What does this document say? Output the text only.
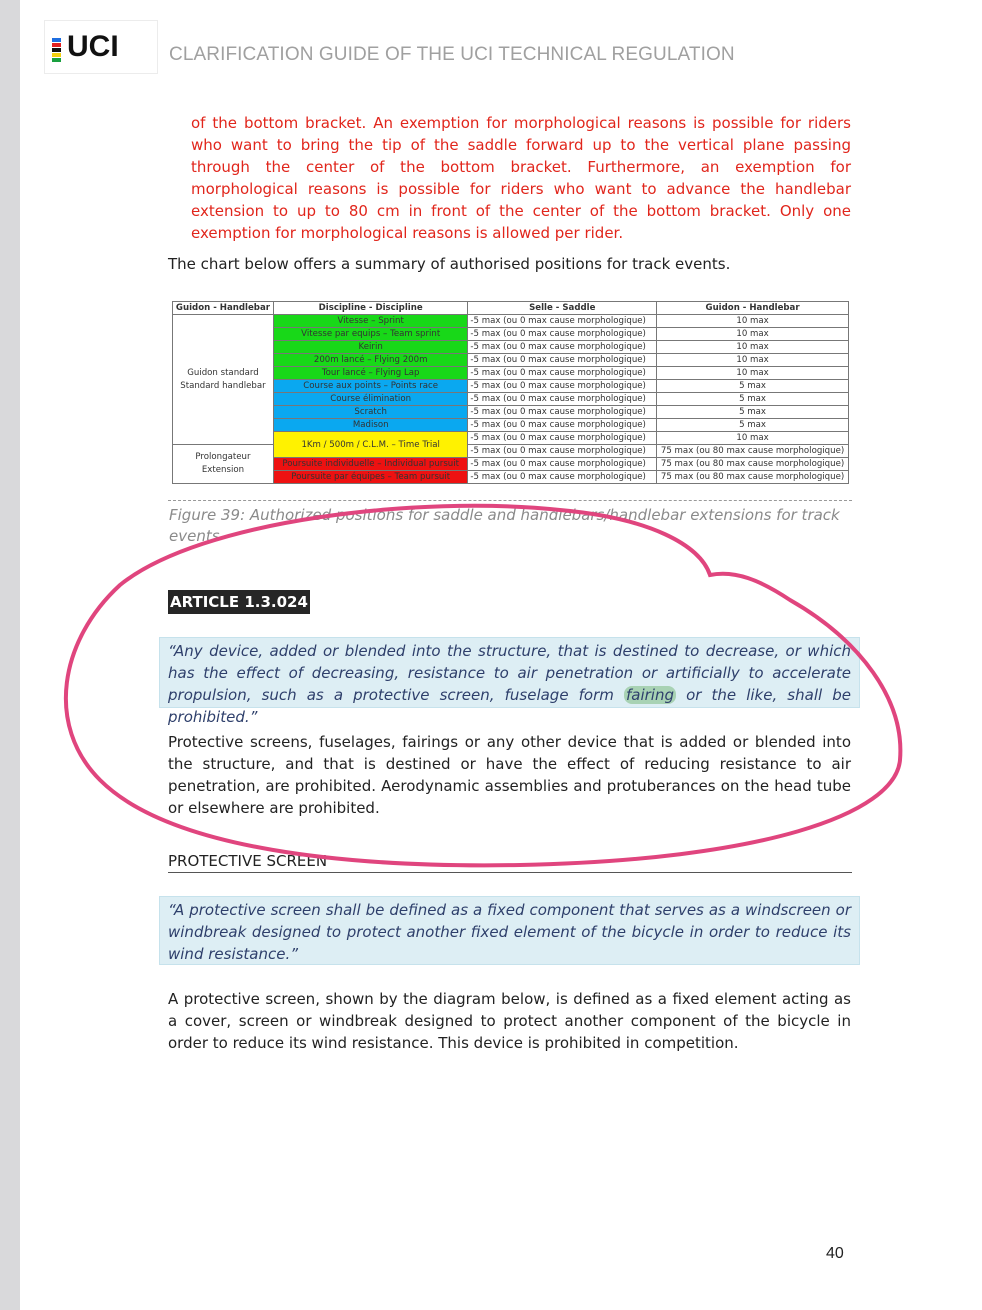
UCI	CLARIFICATION GUIDE OF THE UCI TECHNICAL REGULATION
of the bottom bracket. An exemption for morphological reasons is possible for riders who want to bring the tip of the saddle forward up to the vertical plane passing through the center of the bottom bracket. Furthermore, an exemption for morphological reasons is possible for riders who want to advance the handlebar extension to up to 80 cm in front of the center of the bottom bracket. Only one exemption for morphological reasons is allowed per rider.
The chart below offers a summary of authorised positions for track events.
Guidon - Handlebar	Discipline - Discipline	Selle - Saddle	Guidon - Handlebar
Guidon standard Standard handlebar	Vitesse – Sprint	-5 max (ou 0 max cause morphologique)	10 max
	Vitesse par equips – Team sprint	-5 max (ou 0 max cause morphologique)	10 max
	Keirin	-5 max (ou 0 max cause morphologique)	10 max
	200m lancé – Flying 200m	-5 max (ou 0 max cause morphologique)	10 max
	Tour lancé – Flying Lap	-5 max (ou 0 max cause morphologique)	10 max
	Course aux points – Points race	-5 max (ou 0 max cause morphologique)	5 max
	Course élimination	-5 max (ou 0 max cause morphologique)	5 max
	Scratch	-5 max (ou 0 max cause morphologique)	5 max
	Madison	-5 max (ou 0 max cause morphologique)	5 max
	1Km / 500m / C.L.M. – Time Trial	-5 max (ou 0 max cause morphologique)	10 max
Prolongateur Extension		-5 max (ou 0 max cause morphologique)	75 max (ou 80 max cause morphologique)
	Poursuite individuelle – Individual pursuit	-5 max (ou 0 max cause morphologique)	75 max (ou 80 max cause morphologique)
	Poursuite par équipes – Team pursuit	-5 max (ou 0 max cause morphologique)	75 max (ou 80 max cause morphologique)
Figure 39: Authorized positions for saddle and handlebars/handlebar extensions for track events
ARTICLE 1.3.024
“Any device, added or blended into the structure, that is destined to decrease, or which has the effect of decreasing, resistance to air penetration or artificially to accelerate propulsion, such as a protective screen, fuselage form fairing or the like, shall be prohibited.”
Protective screens, fuselages, fairings or any other device that is added or blended into the structure, and that is destined or have the effect of reducing resistance to air penetration, are prohibited. Aerodynamic assemblies and protuberances on the head tube or elsewhere are prohibited.
PROTECTIVE SCREEN
“A protective screen shall be defined as a fixed component that serves as a windscreen or windbreak designed to protect another fixed element of the bicycle in order to reduce its wind resistance.”
A protective screen, shown by the diagram below, is defined as a fixed element acting as a cover, screen or windbreak designed to protect another component of the bicycle in order to reduce its wind resistance. This device is prohibited in competition.
40
